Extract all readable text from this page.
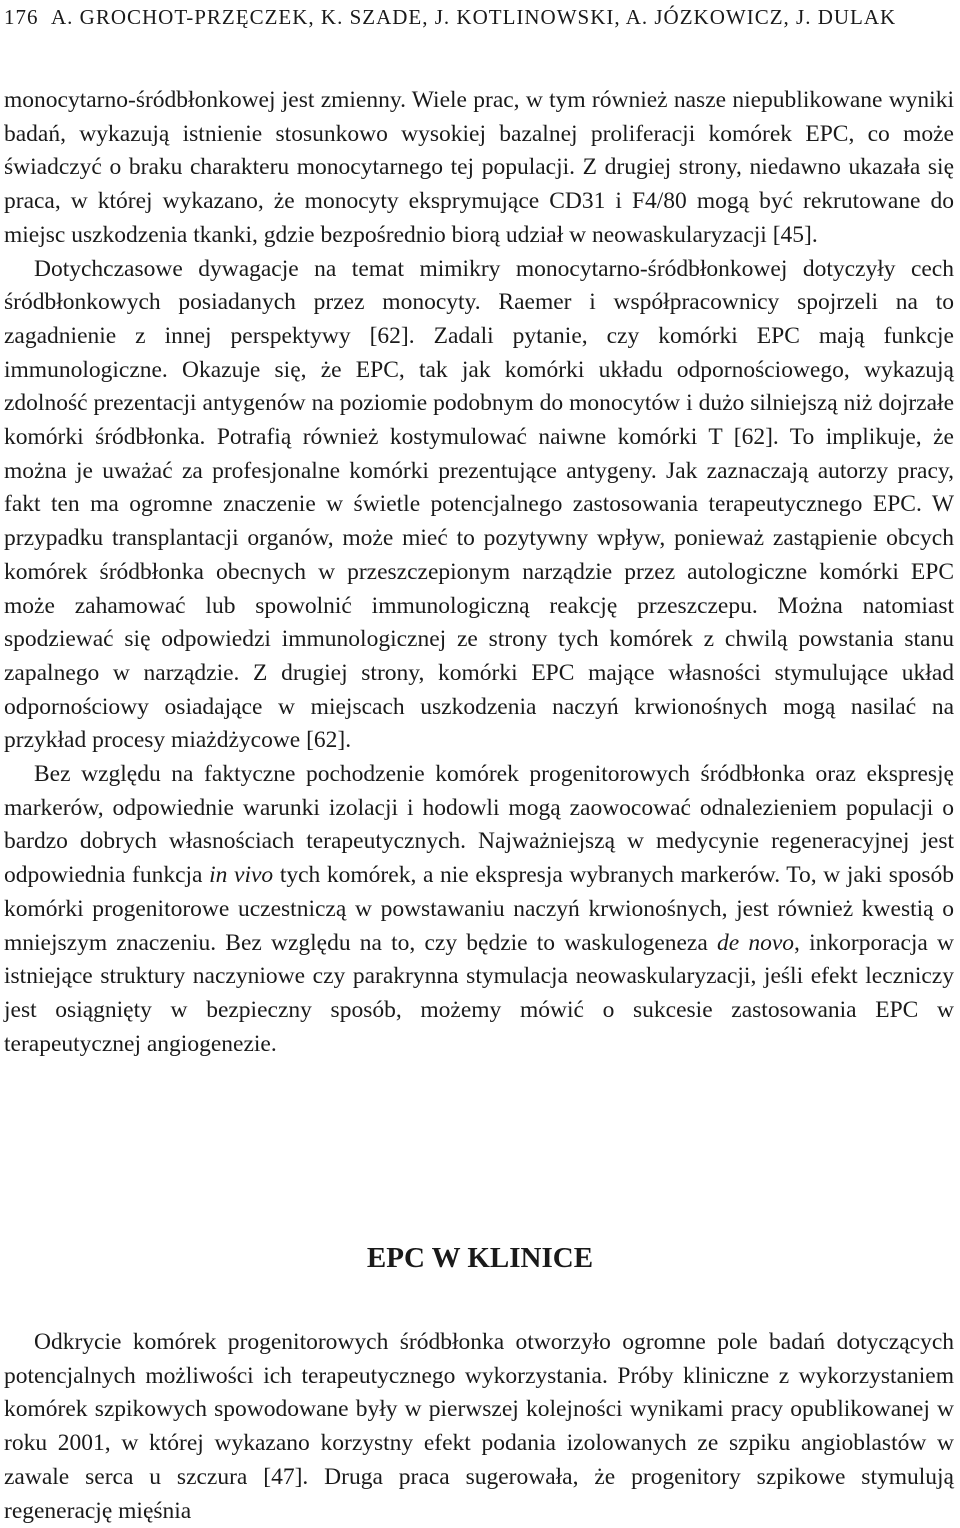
176 A. GROCHOT-PRZĘCZEK, K. SZADE, J. KOTLINOWSKI, A. JÓZKOWICZ, J. DULAK

monocytarno-śródbłonkowej jest zmienny. Wiele prac, w tym również nasze niepublikowane wyniki badań, wykazują istnienie stosunkowo wysokiej bazalnej proliferacji komórek EPC, co może świadczyć o braku charakteru monocytarnego tej populacji. Z drugiej strony, niedawno ukazała się praca, w której wykazano, że monocyty eksprymujące CD31 i F4/80 mogą być rekrutowane do miejsc uszkodzenia tkanki, gdzie bezpośrednio biorą udział w neowaskularyzacji [45].

Dotychczasowe dywagacje na temat mimikry monocytarno-śródbłonkowej dotyczyły cech śródbłonkowych posiadanych przez monocyty. Raemer i współpracownicy spojrzeli na to zagadnienie z innej perspektywy [62]. Zadali pytanie, czy komórki EPC mają funkcje immunologiczne. Okazuje się, że EPC, tak jak komórki układu odpornościowego, wykazują zdolność prezentacji antygenów na poziomie podobnym do monocytów i dużo silniejszą niż dojrzałe komórki śródbłonka. Potrafią również kostymulować naiwne komórki T [62]. To implikuje, że można je uważać za profesjonalne komórki prezentujące antygeny. Jak zaznaczają autorzy pracy, fakt ten ma ogromne znaczenie w świetle potencjalnego zastosowania terapeutycznego EPC. W przypadku transplantacji organów, może mieć to pozytywny wpływ, ponieważ zastąpienie obcych komórek śródbłonka obecnych w przeszczepionym narządzie przez autologiczne komórki EPC może zahamować lub spowolnić immunologiczną reakcję przeszczepu. Można natomiast spodziewać się odpowiedzi immunologicznej ze strony tych komórek z chwilą powstania stanu zapalnego w narządzie. Z drugiej strony, komórki EPC mające własności stymulujące układ odpornościowy osiadające w miejscach uszkodzenia naczyń krwionośnych mogą nasilać na przykład procesy miażdżycowe [62].

Bez względu na faktyczne pochodzenie komórek progenitorowych śródbłonka oraz ekspresję markerów, odpowiednie warunki izolacji i hodowli mogą zaowocować odnalezieniem populacji o bardzo dobrych własnościach terapeutycznych. Najważniejszą w medycynie regeneracyjnej jest odpowiednia funkcja in vivo tych komórek, a nie ekspresja wybranych markerów. To, w jaki sposób komórki progenitorowe uczestniczą w powstawaniu naczyń krwionośnych, jest również kwestią o mniejszym znaczeniu. Bez względu na to, czy będzie to waskulogeneza de novo, inkorporacja w istniejące struktury naczyniowe czy parakrynna stymulacja neowaskularyzacji, jeśli efekt leczniczy jest osiągnięty w bezpieczny sposób, możemy mówić o sukcesie zastosowania EPC w terapeutycznej angiogenezie.

EPC W KLINICE

Odkrycie komórek progenitorowych śródbłonka otworzyło ogromne pole badań dotyczących potencjalnych możliwości ich terapeutycznego wykorzystania. Próby kliniczne z wykorzystaniem komórek szpikowych spowodowane były w pierwszej kolejności wynikami pracy opublikowanej w roku 2001, w której wykazano korzystny efekt podania izolowanych ze szpiku angioblastów w zawale serca u szczura [47]. Druga praca sugerowała, że progenitory szpikowe stymulują regenerację mięśnia
